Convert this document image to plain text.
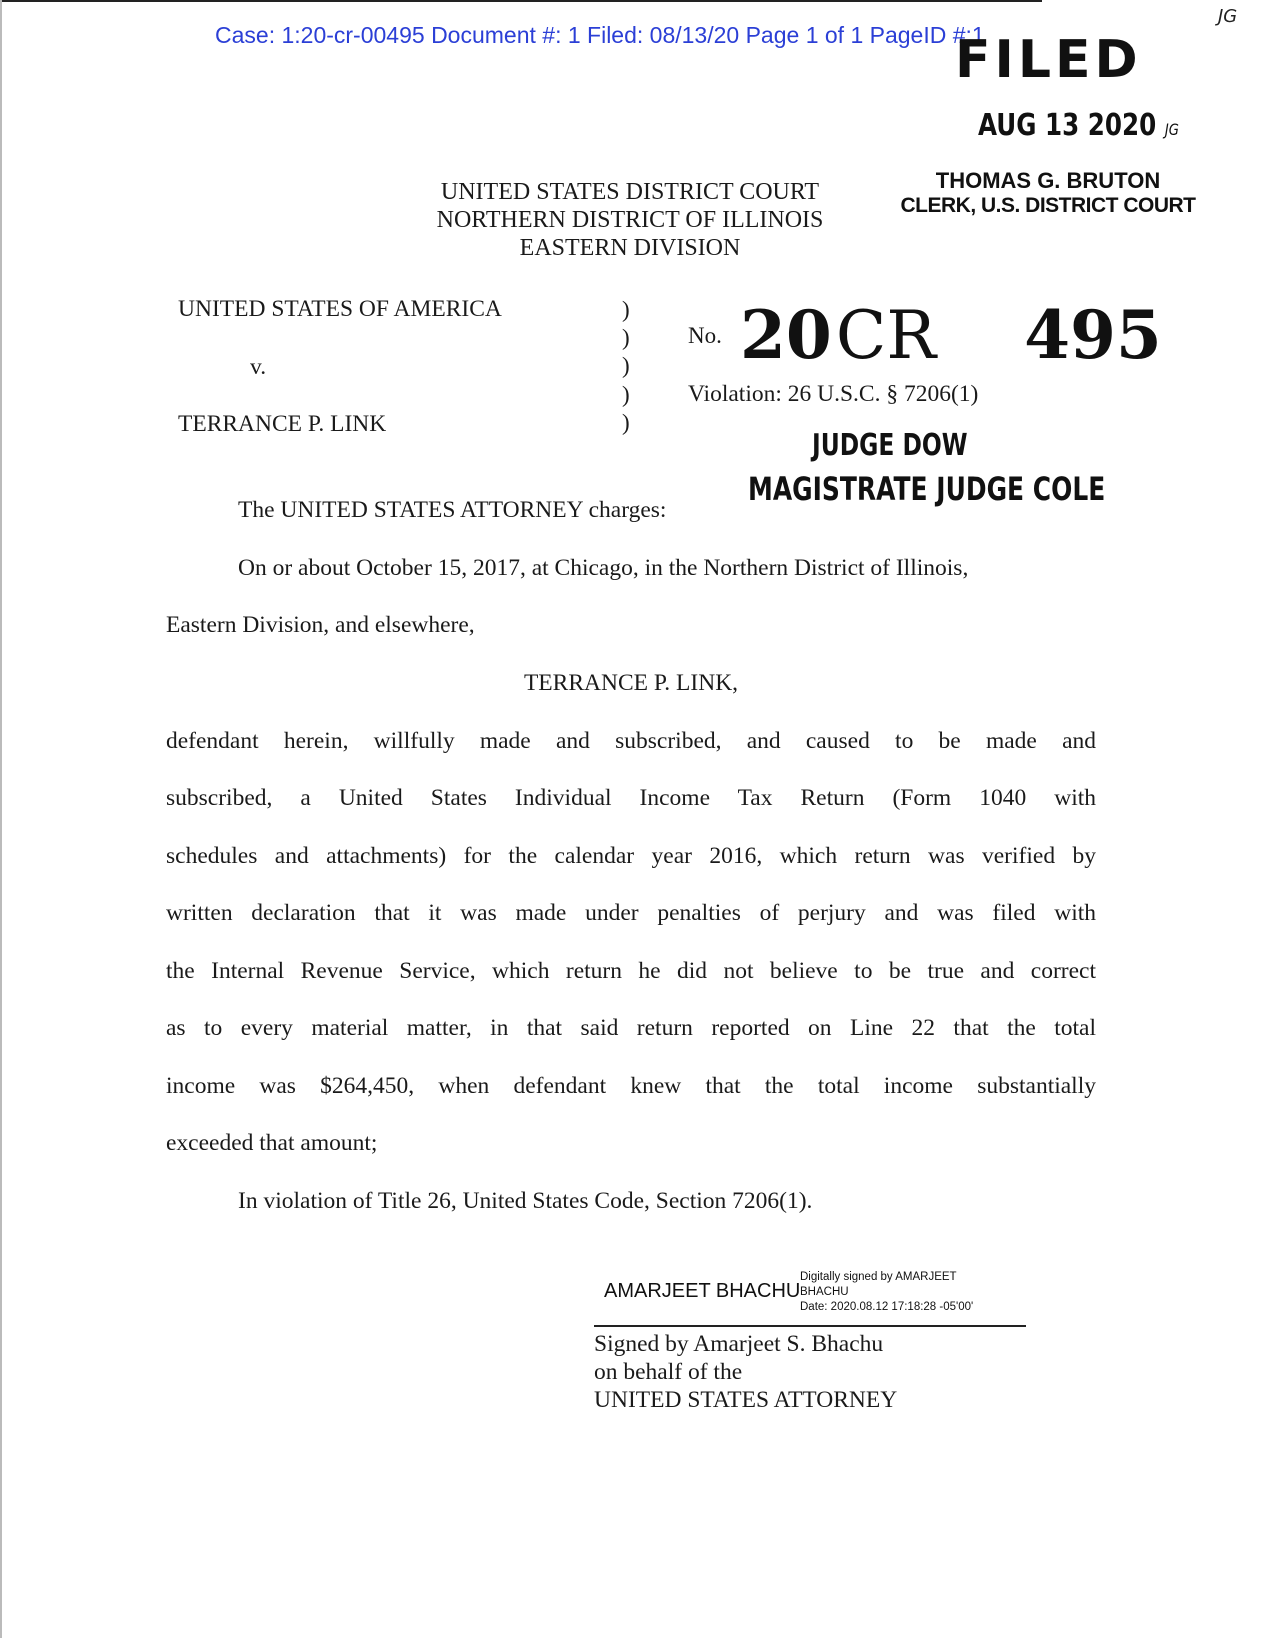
Case: 1:20-cr-00495 Document #: 1 Filed: 08/13/20 Page 1 of 1 PageID #:1
JG
FILED
AUG 13 2020 JG
THOMAS G. BRUTON
CLERK, U.S. DISTRICT COURT
UNITED STATES DISTRICT COURT
NORTHERN DISTRICT OF ILLINOIS
EASTERN DIVISION
UNITED STATES OF AMERICA
v.
TERRANCE P. LINK
)
)
)
)
)
No. 20CR 495
Violation: 26 U.S.C. § 7206(1)
JUDGE DOW
MAGISTRATE JUDGE COLE
The UNITED STATES ATTORNEY charges:
On or about October 15, 2017, at Chicago, in the Northern District of Illinois,
Eastern Division, and elsewhere,
TERRANCE P. LINK,
defendant herein, willfully made and subscribed, and caused to be made and
subscribed, a United States Individual Income Tax Return (Form 1040 with
schedules and attachments) for the calendar year 2016, which return was verified by
written declaration that it was made under penalties of perjury and was filed with
the Internal Revenue Service, which return he did not believe to be true and correct
as to every material matter, in that said return reported on Line 22 that the total
income was $264,450, when defendant knew that the total income substantially
exceeded that amount;
In violation of Title 26, United States Code, Section 7206(1).
AMARJEET BHACHU
Digitally signed by AMARJEET
BHACHU
Date: 2020.08.12 17:18:28 -05'00'
Signed by Amarjeet S. Bhachu
on behalf of the
UNITED STATES ATTORNEY
